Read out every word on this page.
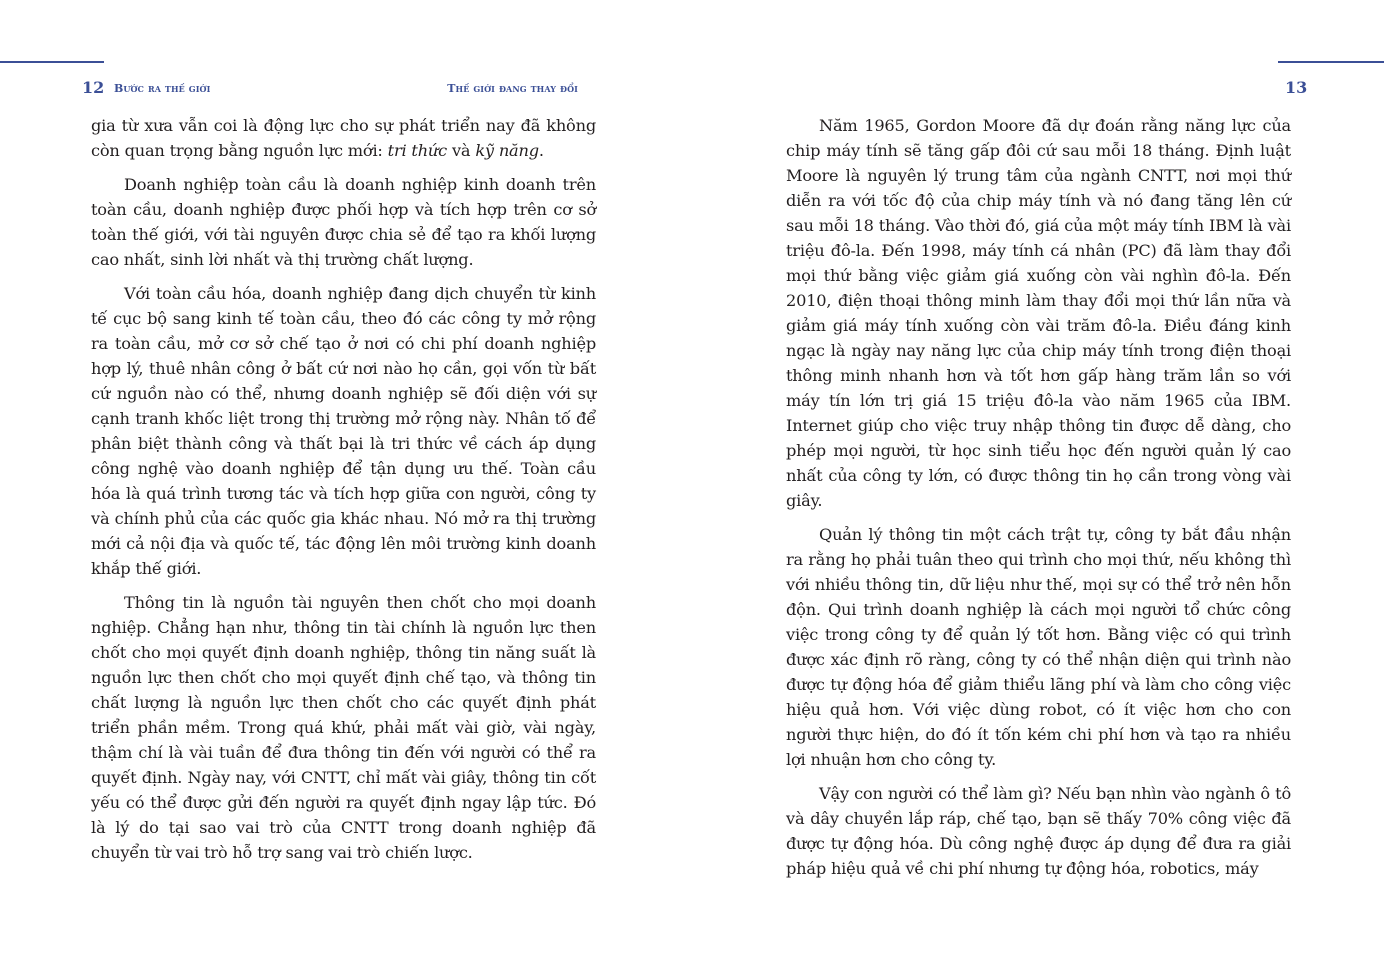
12 Bước ra thế giới

gia từ xưa vẫn coi là động lực cho sự phát triển nay đã không còn quan trọng bằng nguồn lực mới: tri thức và kỹ năng.

Doanh nghiệp toàn cầu là doanh nghiệp kinh doanh trên toàn cầu, doanh nghiệp được phối hợp và tích hợp trên cơ sở toàn thế giới, với tài nguyên được chia sẻ để tạo ra khối lượng cao nhất, sinh lời nhất và thị trường chất lượng.

Với toàn cầu hóa, doanh nghiệp đang dịch chuyển từ kinh tế cục bộ sang kinh tế toàn cầu, theo đó các công ty mở rộng ra toàn cầu, mở cơ sở chế tạo ở nơi có chi phí doanh nghiệp hợp lý, thuê nhân công ở bất cứ nơi nào họ cần, gọi vốn từ bất cứ nguồn nào có thể, nhưng doanh nghiệp sẽ đối diện với sự cạnh tranh khốc liệt trong thị trường mở rộng này. Nhân tố để phân biệt thành công và thất bại là tri thức về cách áp dụng công nghệ vào doanh nghiệp để tận dụng ưu thế. Toàn cầu hóa là quá trình tương tác và tích hợp giữa con người, công ty và chính phủ của các quốc gia khác nhau. Nó mở ra thị trường mới cả nội địa và quốc tế, tác động lên môi trường kinh doanh khắp thế giới.

Thông tin là nguồn tài nguyên then chốt cho mọi doanh nghiệp. Chẳng hạn như, thông tin tài chính là nguồn lực then chốt cho mọi quyết định doanh nghiệp, thông tin năng suất là nguồn lực then chốt cho mọi quyết định chế tạo, và thông tin chất lượng là nguồn lực then chốt cho các quyết định phát triển phần mềm. Trong quá khứ, phải mất vài giờ, vài ngày, thậm chí là vài tuần để đưa thông tin đến với người có thể ra quyết định. Ngày nay, với CNTT, chỉ mất vài giây, thông tin cốt yếu có thể được gửi đến người ra quyết định ngay lập tức. Đó là lý do tại sao vai trò của CNTT trong doanh nghiệp đã chuyển từ vai trò hỗ trợ sang vai trò chiến lược.

Thế giới đang thay đổi	13

Năm 1965, Gordon Moore đã dự đoán rằng năng lực của chip máy tính sẽ tăng gấp đôi cứ sau mỗi 18 tháng. Định luật Moore là nguyên lý trung tâm của ngành CNTT, nơi mọi thứ diễn ra với tốc độ của chip máy tính và nó đang tăng lên cứ sau mỗi 18 tháng. Vào thời đó, giá của một máy tính IBM là vài triệu đô-la. Đến 1998, máy tính cá nhân (PC) đã làm thay đổi mọi thứ bằng việc giảm giá xuống còn vài nghìn đô-la. Đến 2010, điện thoại thông minh làm thay đổi mọi thứ lần nữa và giảm giá máy tính xuống còn vài trăm đô-la. Điều đáng kinh ngạc là ngày nay năng lực của chip máy tính trong điện thoại thông minh nhanh hơn và tốt hơn gấp hàng trăm lần so với máy tín lớn trị giá 15 triệu đô-la vào năm 1965 của IBM. Internet giúp cho việc truy nhập thông tin được dễ dàng, cho phép mọi người, từ học sinh tiểu học đến người quản lý cao nhất của công ty lớn, có được thông tin họ cần trong vòng vài giây.

Quản lý thông tin một cách trật tự, công ty bắt đầu nhận ra rằng họ phải tuân theo qui trình cho mọi thứ, nếu không thì với nhiều thông tin, dữ liệu như thế, mọi sự có thể trở nên hỗn độn. Qui trình doanh nghiệp là cách mọi người tổ chức công việc trong công ty để quản lý tốt hơn. Bằng việc có qui trình được xác định rõ ràng, công ty có thể nhận diện qui trình nào được tự động hóa để giảm thiểu lãng phí và làm cho công việc hiệu quả hơn. Với việc dùng robot, có ít việc hơn cho con người thực hiện, do đó ít tốn kém chi phí hơn và tạo ra nhiều lợi nhuận hơn cho công ty.

Vậy con người có thể làm gì? Nếu bạn nhìn vào ngành ô tô và dây chuyền lắp ráp, chế tạo, bạn sẽ thấy 70% công việc đã được tự động hóa. Dù công nghệ được áp dụng để đưa ra giải pháp hiệu quả về chi phí nhưng tự động hóa, robotics, máy
